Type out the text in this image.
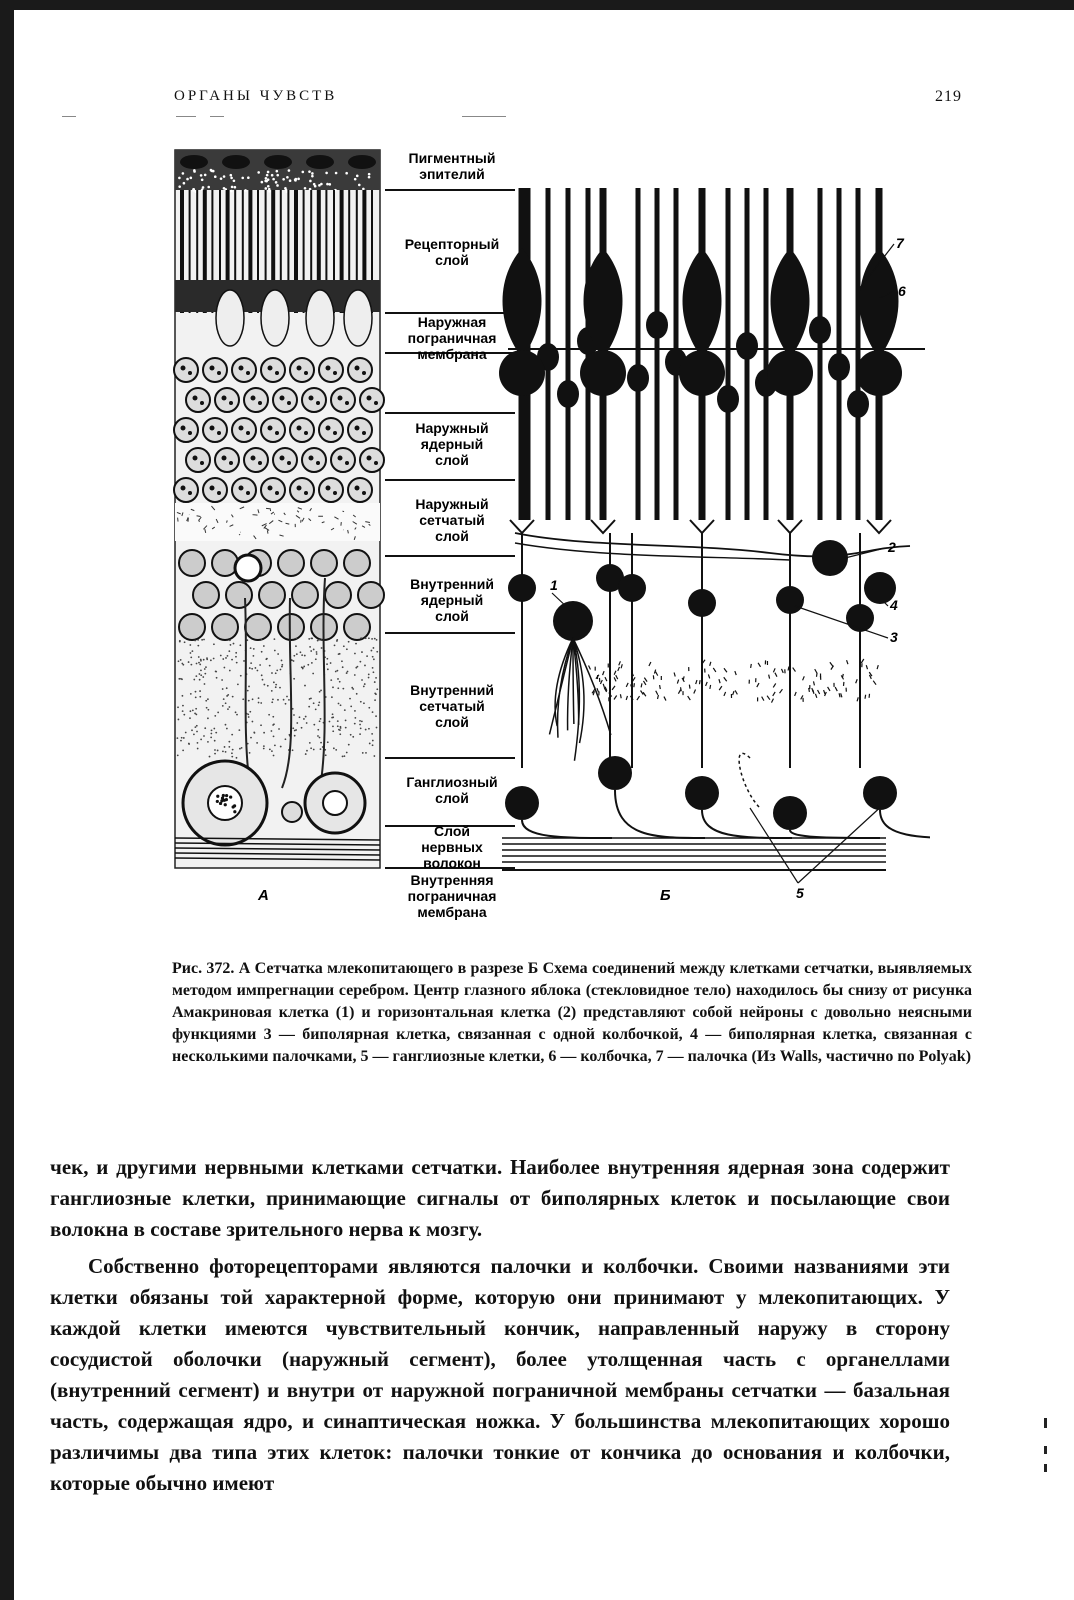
ОРГАНЫ ЧУВСТВ	219
1
2
3
4
5
6
7
Пигментный
эпителий
Рецепторный
слой
Наружная
пограничная
мембрана
Наружный
ядерный
слой
Наружный
сетчатый
слой
Внутренний
ядерный
слой
Внутренний
сетчатый
слой
Ганглиозный
слой
Слой
нервных
волокон
Внутренняя
пограничная
мембрана
А	Б

Рис. 372. А Сетчатка млекопитающего в разрезе Б Схема соединений между клетками сетчатки, выявляемых методом импрегнации серебром. Центр глазного яблока (стекловидное тело) находилось бы снизу от рисунка Амакриновая клетка (1) и горизонтальная клетка (2) представляют собой нейроны с довольно неясными функциями 3 — биполярная клетка, связанная с одной колбочкой, 4 — биполярная клетка, связанная с несколькими палочками, 5 — ганглиозные клетки, 6 — колбочка, 7 — палочка (Из Walls, частично по Polyak)

чек, и другими нервными клетками сетчатки. Наиболее внутренняя ядерная зона содержит ганглиозные клетки, принимающие сигналы от биполярных клеток и посылающие свои волокна в составе зрительного нерва к мозгу.

Собственно фоторецепторами являются палочки и колбочки. Своими названиями эти клетки обязаны той характерной форме, которую они принимают у млекопитающих. У каждой клетки имеются чувствительный кончик, направленный наружу в сторону сосудистой оболочки (наружный сегмент), более утолщенная часть с органеллами (внутренний сегмент) и внутри от наружной пограничной мембраны сетчатки — базальная часть, содержащая ядро, и синаптическая ножка. У большинства млекопитающих хорошо различимы два типа этих клеток: палочки тонкие от кончика до основания и колбочки, которые обычно имеют
